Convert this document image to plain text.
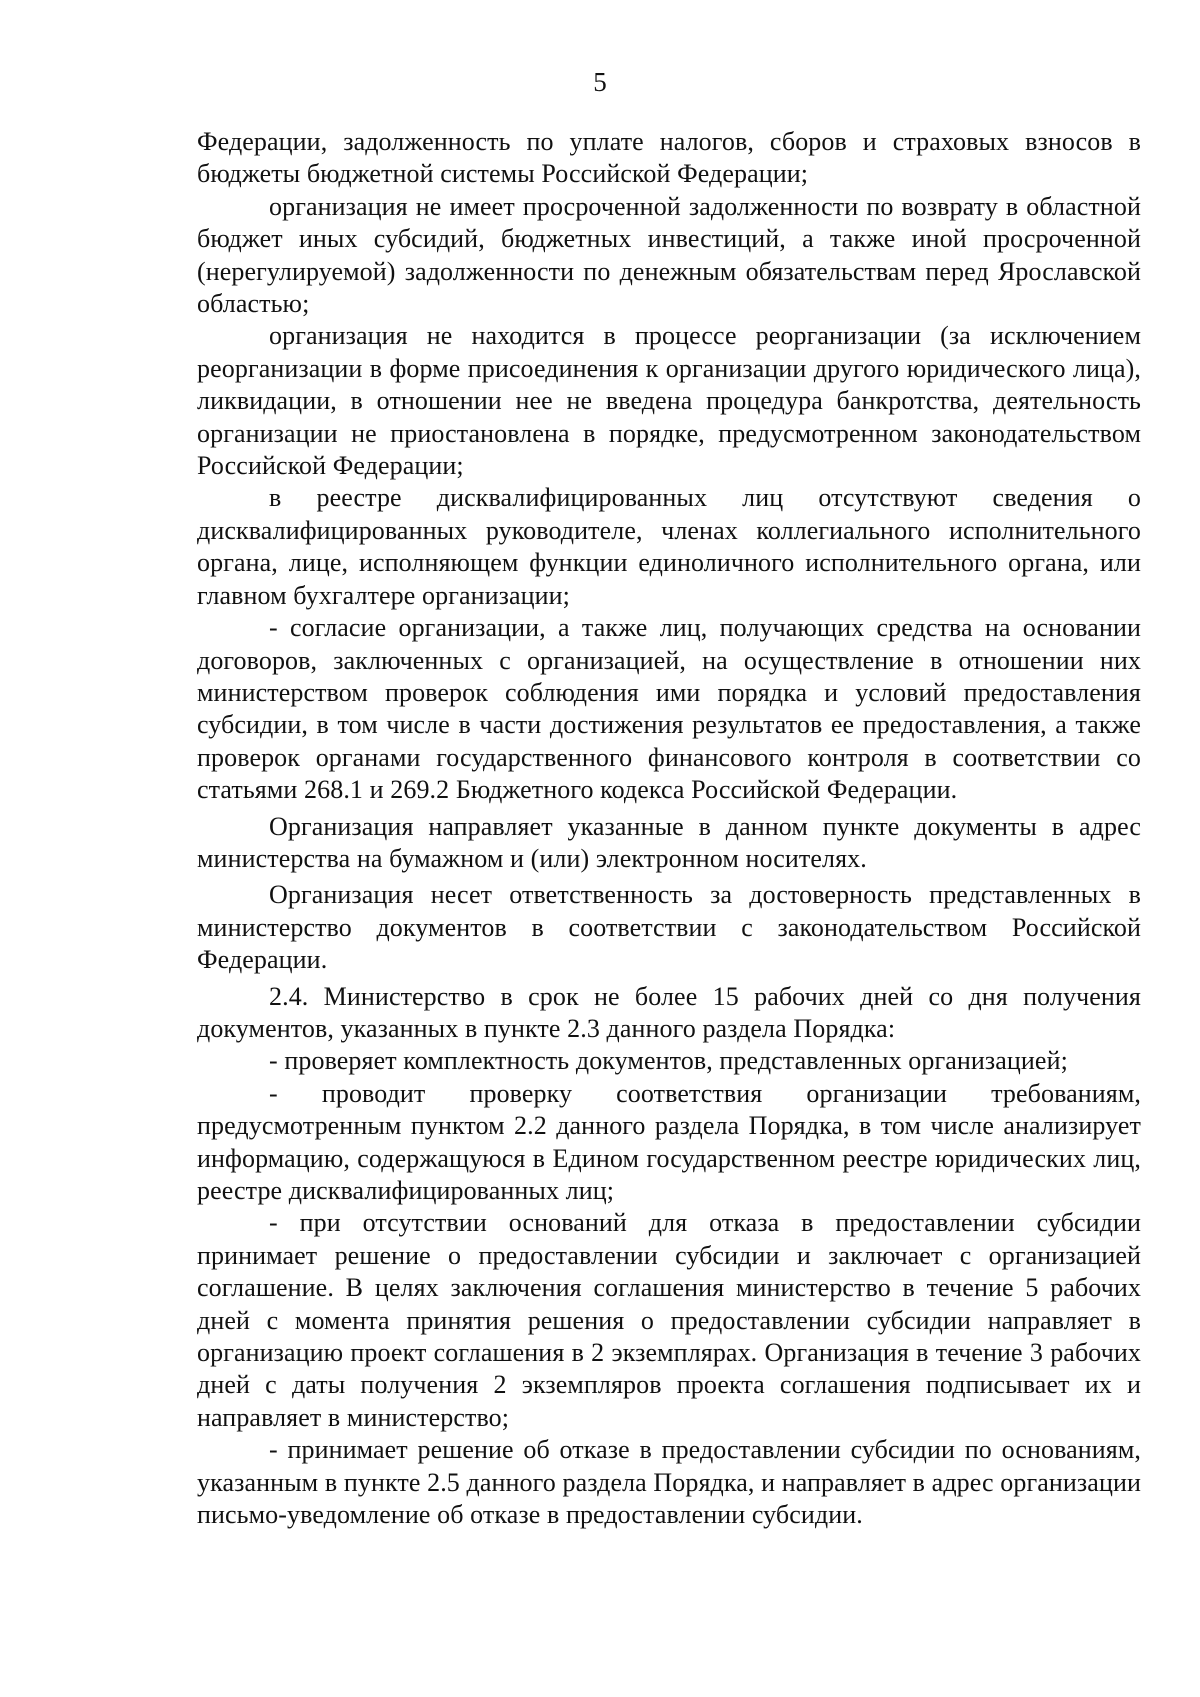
5

Федерации, задолженность по уплате налогов, сборов и страховых взносов в бюджеты бюджетной системы Российской Федерации;

организация не имеет просроченной задолженности по возврату в областной бюджет иных субсидий, бюджетных инвестиций, а также иной просроченной (нерегулируемой) задолженности по денежным обязательствам перед Ярославской областью;

организация не находится в процессе реорганизации (за исключением реорганизации в форме присоединения к организации другого юридического лица), ликвидации, в отношении нее не введена процедура банкротства, деятельность организации не приостановлена в порядке, предусмотренном законодательством Российской Федерации;

в реестре дисквалифицированных лиц отсутствуют сведения о дисквалифицированных руководителе, членах коллегиального исполнительного органа, лице, исполняющем функции единоличного исполнительного органа, или главном бухгалтере организации;

- согласие организации, а также лиц, получающих средства на основании договоров, заключенных с организацией, на осуществление в отношении них министерством проверок соблюдения ими порядка и условий предоставления субсидии, в том числе в части достижения результатов ее предоставления, а также проверок органами государственного финансового контроля в соответствии со статьями 268.1 и 269.2 Бюджетного кодекса Российской Федерации.

Организация направляет указанные в данном пункте документы в адрес министерства на бумажном и (или) электронном носителях.

Организация несет ответственность за достоверность представленных в министерство документов в соответствии с законодательством Российской Федерации.

2.4. Министерство в срок не более 15 рабочих дней со дня получения документов, указанных в пункте 2.3 данного раздела Порядка:

- проверяет комплектность документов, представленных организацией;

- проводит проверку соответствия организации требованиям, предусмотренным пунктом 2.2 данного раздела Порядка, в том числе анализирует информацию, содержащуюся в Едином государственном реестре юридических лиц, реестре дисквалифицированных лиц;

- при отсутствии оснований для отказа в предоставлении субсидии принимает решение о предоставлении субсидии и заключает с организацией соглашение. В целях заключения соглашения министерство в течение 5 рабочих дней с момента принятия решения о предоставлении субсидии направляет в организацию проект соглашения в 2 экземплярах. Организация в течение 3 рабочих дней с даты получения 2 экземпляров проекта соглашения подписывает их и направляет в министерство;

- принимает решение об отказе в предоставлении субсидии по основаниям, указанным в пункте 2.5 данного раздела Порядка, и направляет в адрес организации письмо-уведомление об отказе в предоставлении субсидии.
